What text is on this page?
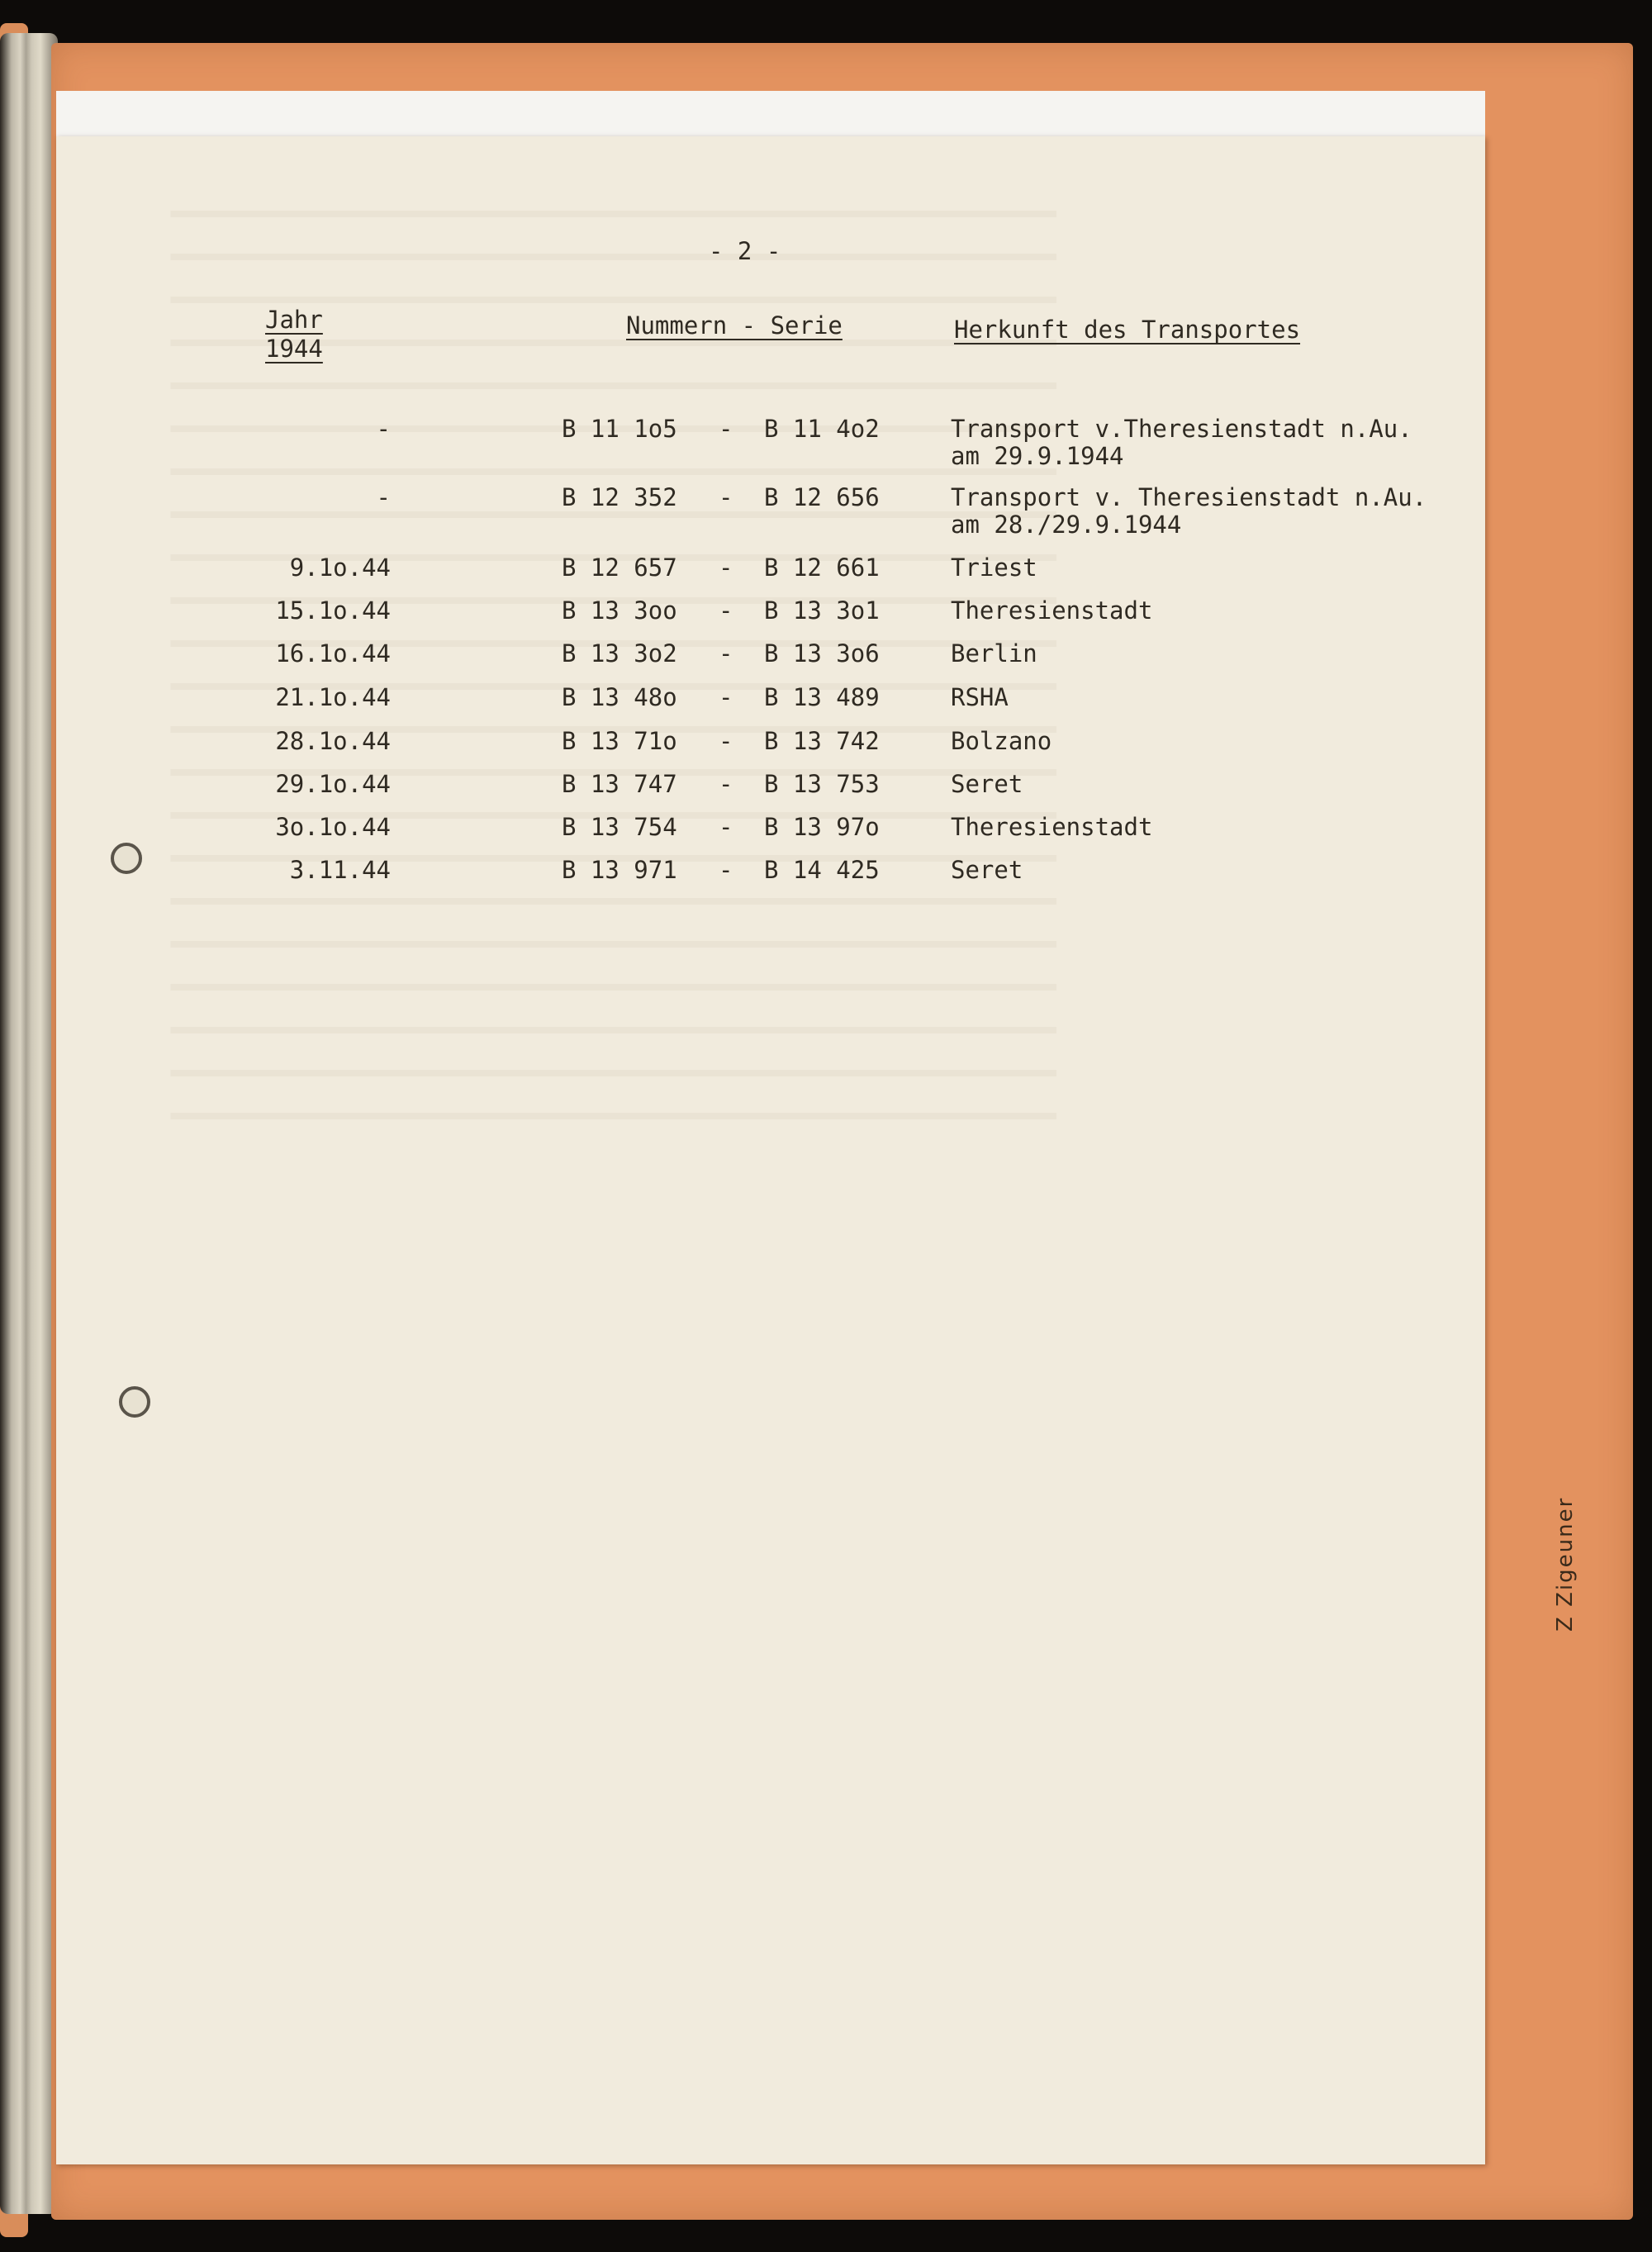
- 2 -
Jahr
1944
Nummern - Serie	Herkunft des Transportes
-	B 11 1o5 - B 11 4o2	Transport v.Theresienstadt n.Au.
am 29.9.1944
-	B 12 352 - B 12 656	Transport v. Theresienstadt n.Au.
am 28./29.9.1944
9.1o.44	B 12 657 - B 12 661	Triest
15.1o.44	B 13 3oo - B 13 3o1	Theresienstadt
16.1o.44	B 13 3o2 - B 13 3o6	Berlin
21.1o.44	B 13 48o - B 13 489	RSHA
28.1o.44	B 13 71o - B 13 742	Bolzano
29.1o.44	B 13 747 - B 13 753	Seret
3o.1o.44	B 13 754 - B 13 97o	Theresienstadt
3.11.44	B 13 971 - B 14 425	Seret
Z Zigeuner
